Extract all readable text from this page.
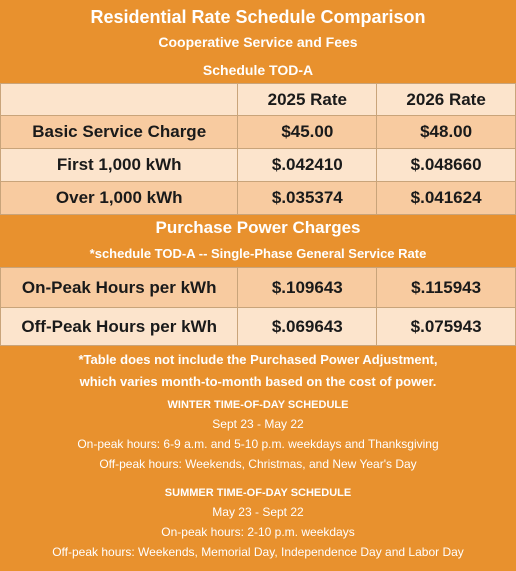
Residential Rate Schedule Comparison
Cooperative Service and Fees
Schedule TOD-A
	2025 Rate	2026 Rate
Basic Service Charge	$45.00	$48.00
First 1,000 kWh	$.042410	$.048660
Over 1,000 kWh	$.035374	$.041624
Purchase Power Charges
*schedule TOD-A -- Single-Phase General Service Rate
On-Peak Hours per kWh	$.109643	$.115943
Off-Peak Hours per kWh	$.069643	$.075943
*Table does not include the Purchased Power Adjustment,
which varies month-to-month based on the cost of power.
WINTER TIME-OF-DAY SCHEDULE
Sept 23 - May 22
On-peak hours: 6-9 a.m. and 5-10 p.m. weekdays and Thanksgiving
Off-peak hours: Weekends, Christmas, and New Year's Day
SUMMER TIME-OF-DAY SCHEDULE
May 23 - Sept 22
On-peak hours: 2-10 p.m. weekdays
Off-peak hours: Weekends, Memorial Day, Independence Day and Labor Day
